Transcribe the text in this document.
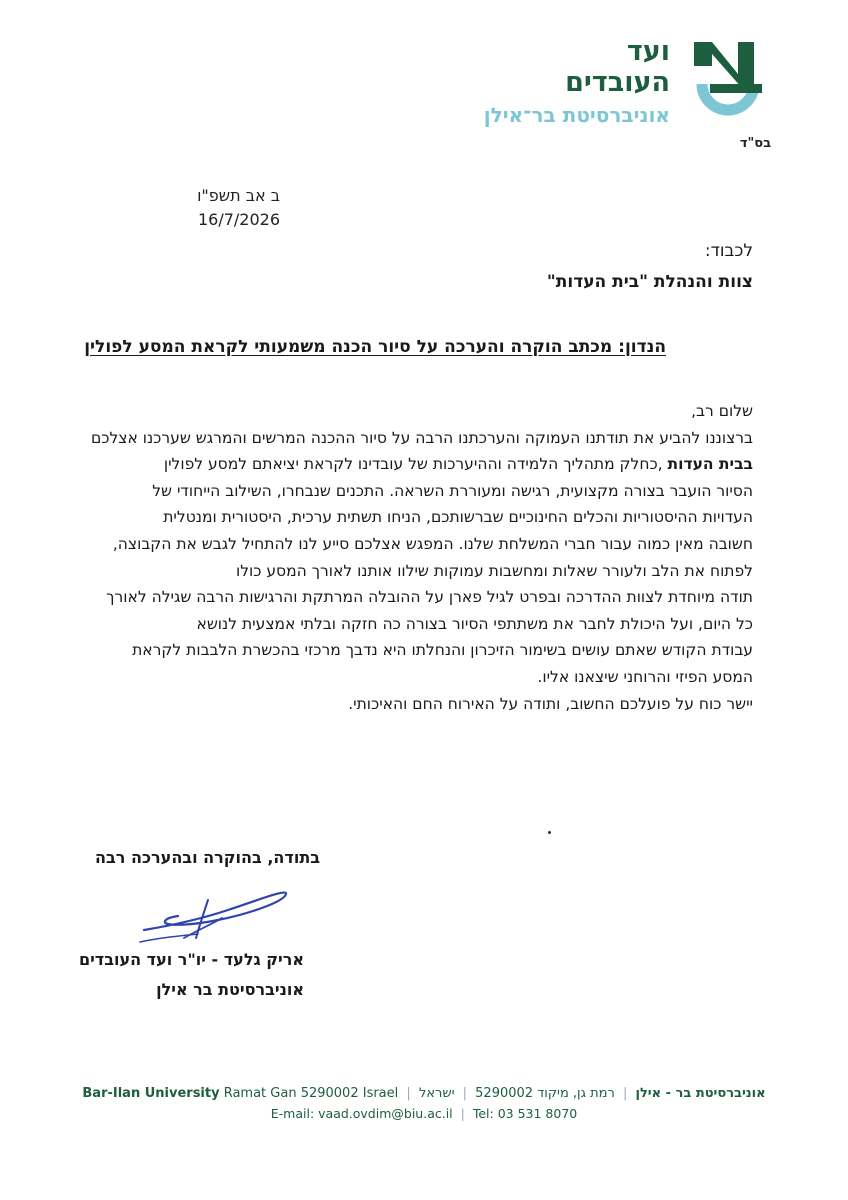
ועד
העובדים
אוניברסיטת בר־אילן
בס"ד
ב אב תשפ"ו
16/7/2026
לכבוד:
צוות והנהלת "בית העדות"
הנדון: מכתב הוקרה והערכה על סיור הכנה משמעותי לקראת המסע לפולין
שלום רב,
ברצוננו להביע את תודתנו העמוקה והערכתנו הרבה על סיור ההכנה המרשים והמרגש שערכנו אצלכם
בבית העדות ,כחלק מתהליך הלמידה וההיערכות של עובדינו לקראת יציאתם למסע לפולין
הסיור הועבר בצורה מקצועית, רגישה ומעוררת השראה. התכנים שנבחרו, השילוב הייחודי של
העדויות ההיסטוריות והכלים החינוכיים שברשותכם, הניחו תשתית ערכית, היסטורית ומנטלית
חשובה מאין כמוה עבור חברי המשלחת שלנו. המפגש אצלכם סייע לנו להתחיל לגבש את הקבוצה,
לפתוח את הלב ולעורר שאלות ומחשבות עמוקות שילוו אותנו לאורך המסע כולו
תודה מיוחדת לצוות ההדרכה ובפרט לגיל פארן על ההובלה המרתקת והרגישות הרבה שגילה לאורך
כל היום, ועל היכולת לחבר את משתתפי הסיור בצורה כה חזקה ובלתי אמצעית לנושא
עבודת הקודש שאתם עושים בשימור הזיכרון והנחלתו היא נדבך מרכזי בהכשרת הלבבות לקראת
המסע הפיזי והרוחני שיצאנו אליו.
יישר כוח על פועלכם החשוב, ותודה על האירוח החם והאיכותי.
בתודה, בהוקרה ובהערכה רבה
אריק גלעד - יו"ר ועד העובדים
אוניברסיטת בר אילן
Bar-Ilan University Ramat Gan 5290002 Israel | ישראל | רמת גן, מיקוד 5290002 | אוניברסיטת בר - אילן
E-mail: vaad.ovdim@biu.ac.il | Tel: 03 531 8070
